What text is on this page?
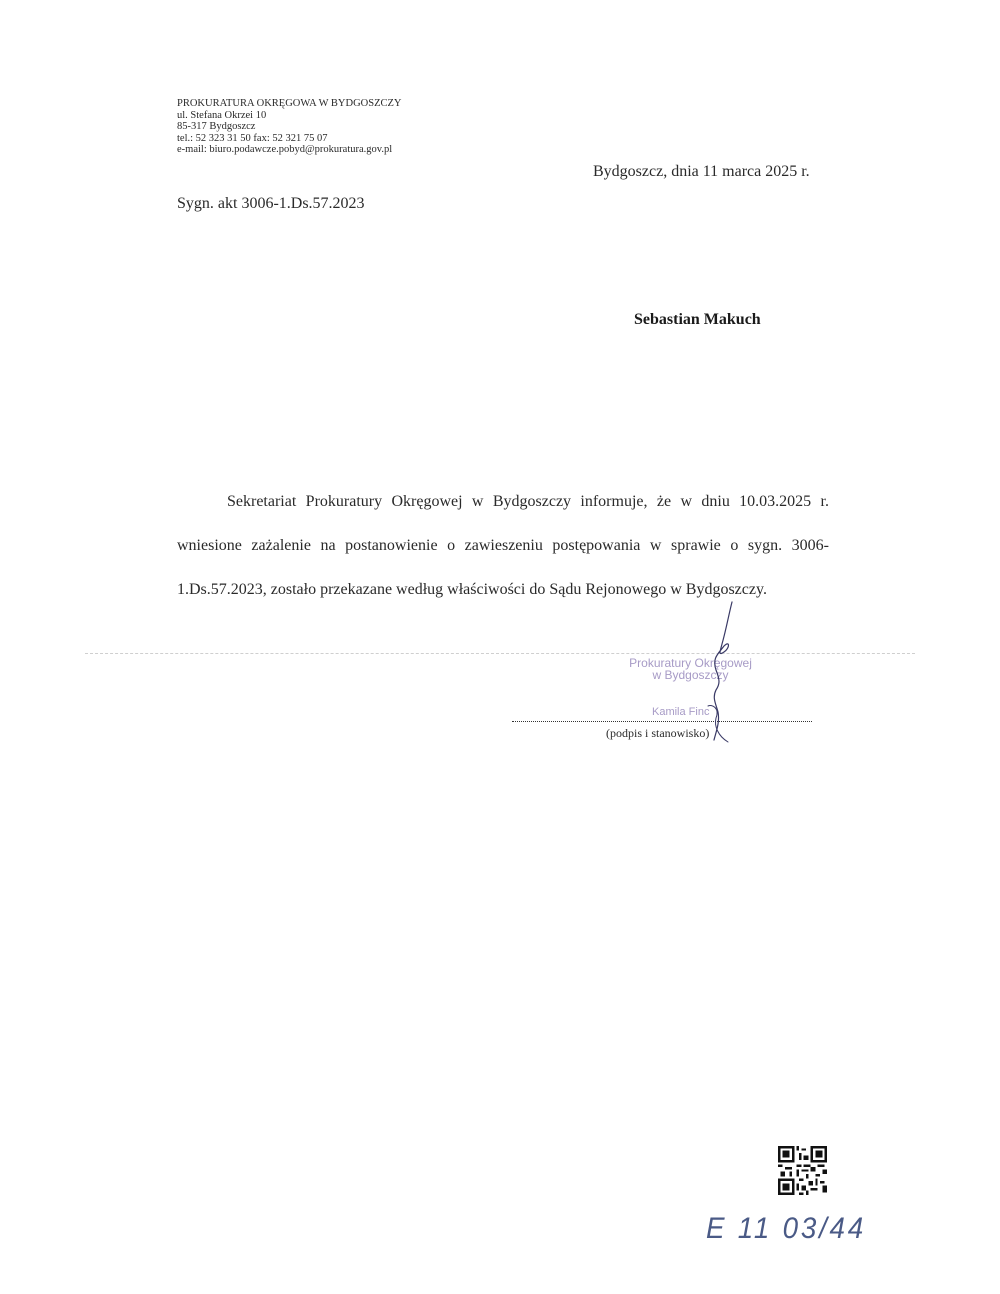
PROKURATURA OKRĘGOWA W BYDGOSZCZY
ul. Stefana Okrzei 10
85-317 Bydgoszcz
tel.: 52 323 31 50 fax: 52 321 75 07
e-mail: biuro.podawcze.pobyd@prokuratura.gov.pl
Bydgoszcz, dnia 11 marca 2025 r.
Sygn. akt 3006-1.Ds.57.2023
Sebastian Makuch

Sekretariat Prokuratury Okręgowej w Bydgoszczy informuje, że w dniu 10.03.2025 r. wniesione zażalenie na postanowienie o zawieszeniu postępowania w sprawie o sygn. 3006-1.Ds.57.2023, zostało przekazane według właściwości do Sądu Rejonowego w Bydgoszczy.

Prokuratury Okręgowej
w Bydgoszczy
Kamila Finc
(podpis i stanowisko)
E 11 03/44
